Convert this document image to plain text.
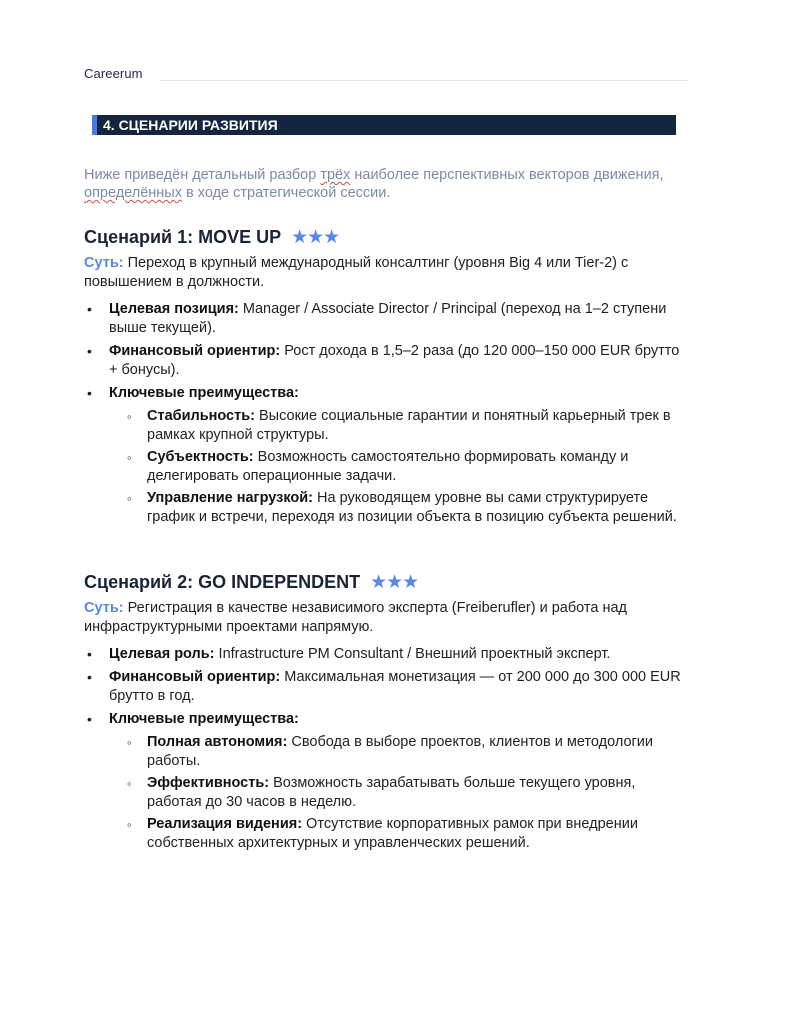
Careerum
4. СЦЕНАРИИ РАЗВИТИЯ
Ниже приведён детальный разбор трёх наиболее перспективных векторов движения, определённых в ходе стратегической сессии.
Сценарий 1: MOVE UP ★★★

Суть: Переход в крупный международный консалтинг (уровня Big 4 или Tier-2) с повышением в должности.

• Целевая позиция: Manager / Associate Director / Principal (переход на 1–2 ступени выше текущей).
• Финансовый ориентир: Рост дохода в 1,5–2 раза (до 120 000–150 000 EUR брутто + бонусы).
• Ключевые преимущества:
◦ Стабильность: Высокие социальные гарантии и понятный карьерный трек в рамках крупной структуры.
◦ Субъектность: Возможность самостоятельно формировать команду и делегировать операционные задачи.
◦ Управление нагрузкой: На руководящем уровне вы сами структурируете график и встречи, переходя из позиции объекта в позицию субъекта решений.
Сценарий 2: GO INDEPENDENT ★★★

Суть: Регистрация в качестве независимого эксперта (Freiberufler) и работа над инфраструктурными проектами напрямую.

• Целевая роль: Infrastructure PM Consultant / Внешний проектный эксперт.
• Финансовый ориентир: Максимальная монетизация — от 200 000 до 300 000 EUR брутто в год.
• Ключевые преимущества:
◦ Полная автономия: Свобода в выборе проектов, клиентов и методологии работы.
◦ Эффективность: Возможность зарабатывать больше текущего уровня, работая до 30 часов в неделю.
◦ Реализация видения: Отсутствие корпоративных рамок при внедрении собственных архитектурных и управленческих решений.
